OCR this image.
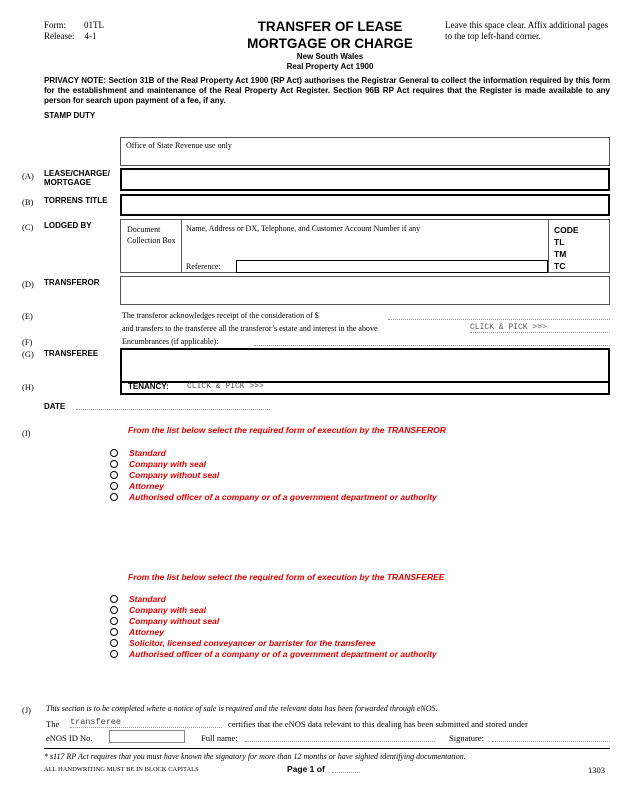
Form: 01TL
Release: 4-1
TRANSFER OF LEASE
MORTGAGE OR CHARGE
New South Wales
Real Property Act 1900
Leave this space clear. Affix additional pages to the top left-hand corner.
PRIVACY NOTE: Section 31B of the Real Property Act 1900 (RP Act) authorises the Registrar General to collect the information required by this form for the establishment and maintenance of the Real Property Act Register. Section 96B RP Act requires that the Register is made available to any person for search upon payment of a fee, if any.
STAMP DUTY
Office of State Revenue use only
(A) LEASE/CHARGE/ MORTGAGE
(B) TORRENS TITLE
(C) LODGED BY	Document Collection Box
Name, Address or DX, Telephone, and Customer Account Number if any
Reference:
CODE
TL
TM
TC
(D) TRANSFEROR
(E)	The transferor acknowledges receipt of the consideration of $
and transfers to the transferee all the transferor’s estate and interest in the above	CLICK & PICK >>>
(F)	Encumbrances (if applicable):
(G) TRANSFEREE
(H)	TENANCY: CLICK & PICK >>>
DATE
(I)	From the list below select the required form of execution by the TRANSFEROR
Standard
Company with seal
Company without seal
Attorney
Authorised officer of a company or of a government department or authority
From the list below select the required form of execution by the TRANSFEREE
Standard
Company with seal
Company without seal
Attorney
Solicitor, licensed conveyancer or barrister for the transferee
Authorised officer of a company or of a government department or authority
(J) This section is to be completed where a notice of sale is required and the relevant data has been forwarded through eNOS.
The transferee	certifies that the eNOS data relevant to this dealing has been submitted and stored under
eNOS ID No.	Full name:	Signature:
* s117 RP Act requires that you must have known the signatory for more than 12 months or have sighted identifying documentation.
ALL HANDWRITING MUST BE IN BLOCK CAPITALS	Page 1 of	1303
